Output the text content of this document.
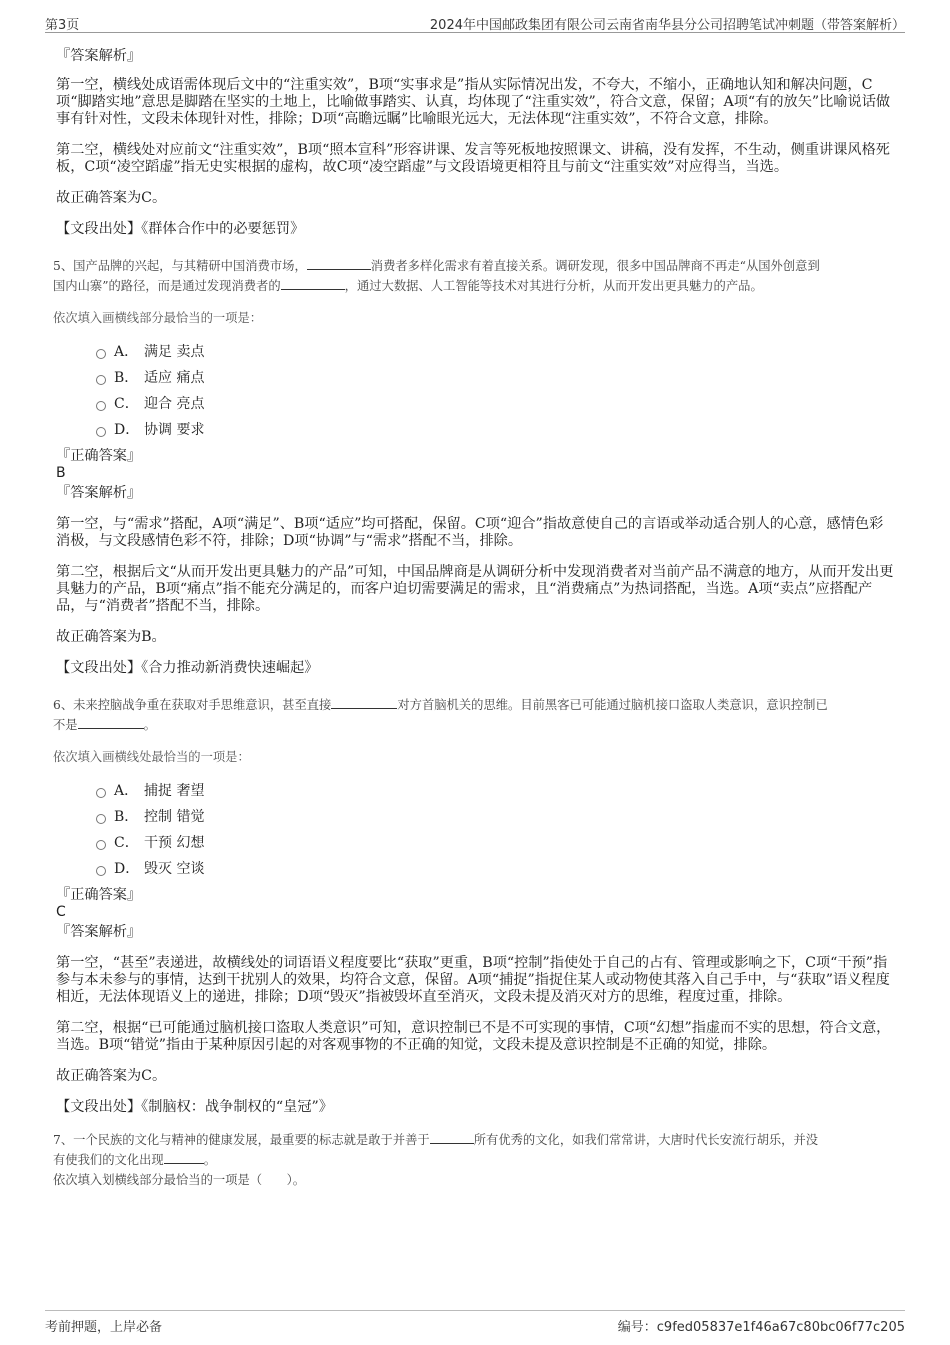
第3页	2024年中国邮政集团有限公司云南省南华县分公司招聘笔试冲刺题（带答案解析）
『答案解析』

第一空，横线处成语需体现后文中的“注重实效”，B项“实事求是”指从实际情况出发，不夸大，不缩小，正确地认知和解决问题，C项“脚踏实地”意思是脚踏在坚实的土地上，比喻做事踏实、认真，均体现了“注重实效”，符合文意，保留；A项“有的放矢”比喻说话做事有针对性，文段未体现针对性，排除；D项“高瞻远瞩”比喻眼光远大，无法体现“注重实效”，不符合文意，排除。

第二空，横线处对应前文“注重实效”，B项“照本宣科”形容讲课、发言等死板地按照课文、讲稿，没有发挥，不生动，侧重讲课风格死板，C项“凌空蹈虚”指无史实根据的虚构，故C项“凌空蹈虚”与文段语境更相符且与前文“注重实效”对应得当，当选。

故正确答案为C。

【文段出处】《群体合作中的必要惩罚》

5、国产品牌的兴起，与其精研中国消费市场，	消费者多样化需求有着直接关系。调研发现，很多中国品牌商不再走“从国外创意到
国内山寨”的路径，而是通过发现消费者的	，通过大数据、人工智能等技术对其进行分析，从而开发出更具魅力的产品。

依次填入画横线部分最恰当的一项是：

A． 满足 卖点
B． 适应 痛点
C． 迎合 亮点
D． 协调 要求
『正确答案』
B
『答案解析』

第一空，与“需求”搭配，A项“满足”、B项“适应”均可搭配，保留。C项“迎合”指故意使自己的言语或举动适合别人的心意，感情色彩消极，与文段感情色彩不符，排除；D项“协调”与“需求”搭配不当，排除。

第二空，根据后文“从而开发出更具魅力的产品”可知，中国品牌商是从调研分析中发现消费者对当前产品不满意的地方，从而开发出更具魅力的产品，B项“痛点”指不能充分满足的，而客户迫切需要满足的需求，且“消费痛点”为热词搭配，当选。A项“卖点”应搭配产品，与“消费者”搭配不当，排除。

故正确答案为B。

【文段出处】《合力推动新消费快速崛起》

6、未来控脑战争重在获取对手思维意识，甚至直接	对方首脑机关的思维。目前黑客已可能通过脑机接口盗取人类意识，意识控制已
不是	。

依次填入画横线处最恰当的一项是：

A． 捕捉 奢望
B． 控制 错觉
C． 干预 幻想
D． 毁灭 空谈
『正确答案』
C
『答案解析』

第一空，“甚至”表递进，故横线处的词语语义程度要比“获取”更重，B项“控制”指使处于自己的占有、管理或影响之下，C项“干预”指参与本未参与的事情，达到干扰别人的效果，均符合文意，保留。A项“捕捉”指捉住某人或动物使其落入自己手中，与“获取”语义程度相近，无法体现语义上的递进，排除；D项“毁灭”指被毁坏直至消灭，文段未提及消灭对方的思维，程度过重，排除。

第二空，根据“已可能通过脑机接口盗取人类意识”可知，意识控制已不是不可实现的事情，C项“幻想”指虚而不实的思想，符合文意，当选。B项“错觉”指由于某种原因引起的对客观事物的不正确的知觉，文段未提及意识控制是不正确的知觉，排除。

故正确答案为C。

【文段出处】《制脑权：战争制权的“皇冠”》

7、一个民族的文化与精神的健康发展，最重要的标志就是敢于并善于	所有优秀的文化，如我们常常讲，大唐时代长安流行胡乐，并没
有使我们的文化出现	。

依次填入划横线部分最恰当的一项是（　　）。

考前押题，上岸必备	编号：c9fed05837e1f46a67c80bc06f77c205
